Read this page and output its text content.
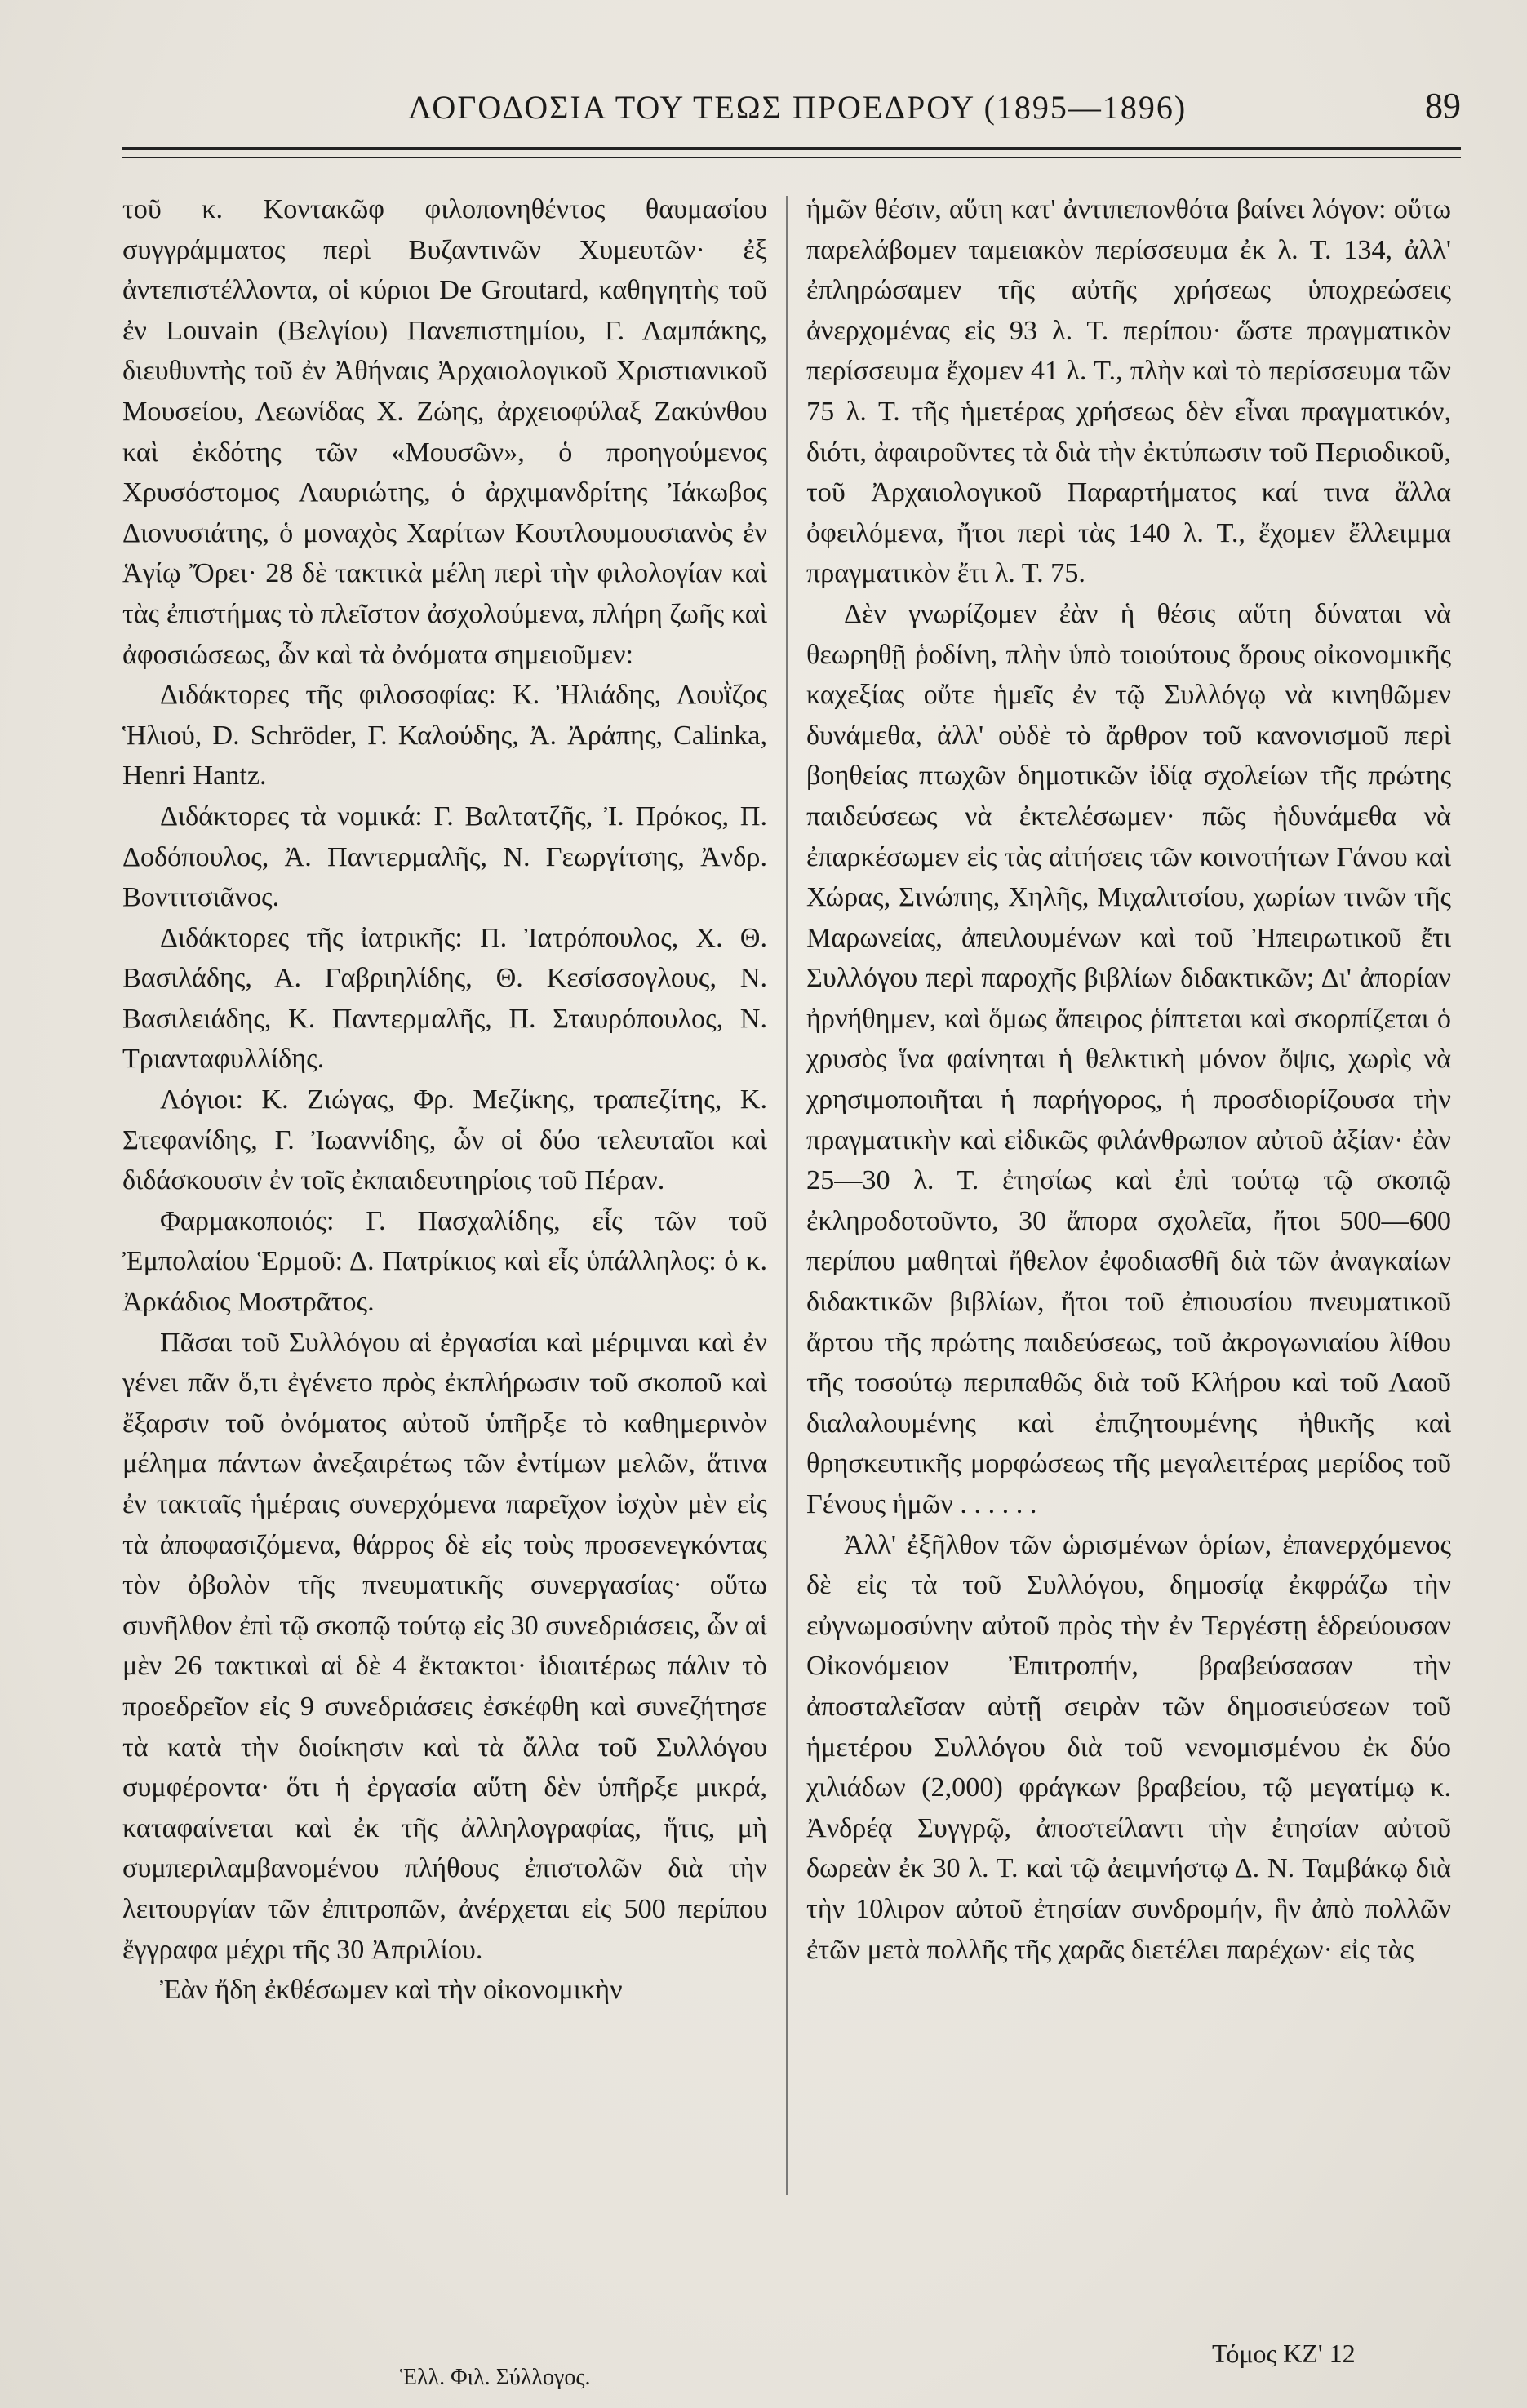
ΛΟΓΟΔΟΣΙΑ ΤΟΥ ΤΕΩΣ ΠΡΟΕΔΡΟΥ (1895—1896)	89

τοῦ κ. Κοντακῶφ φιλοπονηθέντος θαυμασίου συγγράμματος περὶ Βυζαντινῶν Χυμευτῶν· ἐξ ἀντεπιστέλλοντα, οἱ κύριοι De Groutard, καθηγητὴς τοῦ ἐν Louvain (Βελγίου) Πανεπιστημίου, Γ. Λαμπάκης, διευθυντὴς τοῦ ἐν Ἀθήναις Ἀρχαιολογικοῦ Χριστιανικοῦ Μουσείου, Λεωνίδας Χ. Ζώης, ἀρχειοφύλαξ Ζακύνθου καὶ ἐκδότης τῶν «Μουσῶν», ὁ προηγούμενος Χρυσόστομος Λαυριώτης, ὁ ἀρχιμανδρίτης Ἰάκωβος Διονυσιάτης, ὁ μοναχὸς Χαρίτων Κουτλουμουσιανὸς ἐν Ἁγίῳ Ὄρει· 28 δὲ τακτικὰ μέλη περὶ τὴν φιλολογίαν καὶ τὰς ἐπιστήμας τὸ πλεῖστον ἀσχολούμενα, πλήρη ζωῆς καὶ ἀφοσιώσεως, ὧν καὶ τὰ ὀνόματα σημειοῦμεν:

Διδάκτορες τῆς φιλοσοφίας: Κ. Ἠλιάδης, Λουῒζος Ἡλιού, D. Schröder, Γ. Καλούδης, Ἀ. Ἀράπης, Calinka, Henri Hantz.

Διδάκτορες τὰ νομικά: Γ. Βαλτατζῆς, Ἰ. Πρόκος, Π. Δοδόπουλος, Ἀ. Παντερμαλῆς, Ν. Γεωργίτσης, Ἀνδρ. Βοντιτσιᾶνος.

Διδάκτορες τῆς ἰατρικῆς: Π. Ἰατρόπουλος, Χ. Θ. Βασιλάδης, Α. Γαβριηλίδης, Θ. Κεσίσσογλους, Ν. Βασιλειάδης, Κ. Παντερμαλῆς, Π. Σταυρόπουλος, Ν. Τριανταφυλλίδης.

Λόγιοι: Κ. Ζιώγας, Φρ. Μεζίκης, τραπεζίτης, Κ. Στεφανίδης, Γ. Ἰωαννίδης, ὧν οἱ δύο τελευταῖοι καὶ διδάσκουσιν ἐν τοῖς ἐκπαιδευτηρίοις τοῦ Πέραν.

Φαρμακοποιός: Γ. Πασχαλίδης, εἷς τῶν τοῦ Ἐμπολαίου Ἑρμοῦ: Δ. Πατρίκιος καὶ εἷς ὑπάλληλος: ὁ κ. Ἀρκάδιος Μοστρᾶτος.

Πᾶσαι τοῦ Συλλόγου αἱ ἐργασίαι καὶ μέριμναι καὶ ἐν γένει πᾶν ὅ,τι ἐγένετο πρὸς ἐκπλήρωσιν τοῦ σκοποῦ καὶ ἔξαρσιν τοῦ ὀνόματος αὐτοῦ ὑπῆρξε τὸ καθημερινὸν μέλημα πάντων ἀνεξαιρέτως τῶν ἐντίμων μελῶν, ἅτινα ἐν τακταῖς ἡμέραις συνερχόμενα παρεῖχον ἰσχὺν μὲν εἰς τὰ ἀποφασιζόμενα, θάρρος δὲ εἰς τοὺς προσενεγκόντας τὸν ὀβολὸν τῆς πνευματικῆς συνεργασίας· οὕτω συνῆλθον ἐπὶ τῷ σκοπῷ τούτῳ εἰς 30 συνεδριάσεις, ὧν αἱ μὲν 26 τακτικαὶ αἱ δὲ 4 ἔκτακτοι· ἰδιαιτέρως πάλιν τὸ προεδρεῖον εἰς 9 συνεδριάσεις ἐσκέφθη καὶ συνεζήτησε τὰ κατὰ τὴν διοίκησιν καὶ τὰ ἄλλα τοῦ Συλλόγου συμφέροντα· ὅτι ἡ ἐργασία αὕτη δὲν ὑπῆρξε μικρά, καταφαίνεται καὶ ἐκ τῆς ἀλληλογραφίας, ἥτις, μὴ συμπεριλαμβανομένου πλήθους ἐπιστολῶν διὰ τὴν λειτουργίαν τῶν ἐπιτροπῶν, ἀνέρχεται εἰς 500 περίπου ἔγγραφα μέχρι τῆς 30 Ἀπριλίου.

Ἐὰν ἤδη ἐκθέσωμεν καὶ τὴν οἰκονομικὴν

ἡμῶν θέσιν, αὕτη κατ' ἀντιπεπονθότα βαίνει λόγον: οὕτω παρελάβομεν ταμειακὸν περίσσευμα ἐκ λ. Τ. 134, ἀλλ' ἐπληρώσαμεν τῆς αὐτῆς χρήσεως ὑποχρεώσεις ἀνερχομένας εἰς 93 λ. Τ. περίπου· ὥστε πραγματικὸν περίσσευμα ἔχομεν 41 λ. Τ., πλὴν καὶ τὸ περίσσευμα τῶν 75 λ. Τ. τῆς ἡμετέρας χρήσεως δὲν εἶναι πραγματικόν, διότι, ἀφαιροῦντες τὰ διὰ τὴν ἐκτύπωσιν τοῦ Περιοδικοῦ, τοῦ Ἀρχαιολογικοῦ Παραρτήματος καί τινα ἄλλα ὀφειλόμενα, ἤτοι περὶ τὰς 140 λ. Τ., ἔχομεν ἔλλειμμα πραγματικὸν ἔτι λ. Τ. 75.

Δὲν γνωρίζομεν ἐὰν ἡ θέσις αὕτη δύναται νὰ θεωρηθῇ ῥοδίνη, πλὴν ὑπὸ τοιούτους ὅρους οἰκονομικῆς καχεξίας οὔτε ἡμεῖς ἐν τῷ Συλλόγῳ νὰ κινηθῶμεν δυνάμεθα, ἀλλ' οὐδὲ τὸ ἄρθρον τοῦ κανονισμοῦ περὶ βοηθείας πτωχῶν δημοτικῶν ἰδίᾳ σχολείων τῆς πρώτης παιδεύσεως νὰ ἐκτελέσωμεν· πῶς ἠδυνάμεθα νὰ ἐπαρκέσωμεν εἰς τὰς αἰτήσεις τῶν κοινοτήτων Γάνου καὶ Χώρας, Σινώπης, Χηλῆς, Μιχαλιτσίου, χωρίων τινῶν τῆς Μαρωνείας, ἀπειλουμένων καὶ τοῦ Ἠπειρωτικοῦ ἔτι Συλλόγου περὶ παροχῆς βιβλίων διδακτικῶν; Δι' ἀπορίαν ἠρνήθημεν, καὶ ὅμως ἄπειρος ῥίπτεται καὶ σκορπίζεται ὁ χρυσὸς ἵνα φαίνηται ἡ θελκτικὴ μόνον ὄψις, χωρὶς νὰ χρησιμοποιῆται ἡ παρήγορος, ἡ προσδιορίζουσα τὴν πραγματικὴν καὶ εἰδικῶς φιλάνθρωπον αὐτοῦ ἀξίαν· ἐὰν 25—30 λ. Τ. ἐτησίως καὶ ἐπὶ τούτῳ τῷ σκοπῷ ἐκληροδοτοῦντο, 30 ἄπορα σχολεῖα, ἤτοι 500—600 περίπου μαθηταὶ ἤθελον ἐφοδιασθῆ διὰ τῶν ἀναγκαίων διδακτικῶν βιβλίων, ἤτοι τοῦ ἐπιουσίου πνευματικοῦ ἄρτου τῆς πρώτης παιδεύσεως, τοῦ ἀκρογωνιαίου λίθου τῆς τοσούτῳ περιπαθῶς διὰ τοῦ Κλήρου καὶ τοῦ Λαοῦ διαλαλουμένης καὶ ἐπιζητουμένης ἠθικῆς καὶ θρησκευτικῆς μορφώσεως τῆς μεγαλειτέρας μερίδος τοῦ Γένους ἡμῶν . . . . . .

Ἀλλ' ἐξῆλθον τῶν ὡρισμένων ὁρίων, ἐπανερχόμενος δὲ εἰς τὰ τοῦ Συλλόγου, δημοσίᾳ ἐκφράζω τὴν εὐγνωμοσύνην αὐτοῦ πρὸς τὴν ἐν Τεργέστῃ ἑδρεύουσαν Οἰκονόμειον Ἐπιτροπήν, βραβεύσασαν τὴν ἀποσταλεῖσαν αὐτῇ σειρὰν τῶν δημοσιεύσεων τοῦ ἡμετέρου Συλλόγου διὰ τοῦ νενομισμένου ἐκ δύο χιλιάδων (2,000) φράγκων βραβείου, τῷ μεγατίμῳ κ. Ἀνδρέᾳ Συγγρῷ, ἀποστείλαντι τὴν ἐτησίαν αὐτοῦ δωρεὰν ἐκ 30 λ. Τ. καὶ τῷ ἀειμνήστῳ Δ. Ν. Ταμβάκῳ διὰ τὴν 10λιρον αὐτοῦ ἐτησίαν συνδρομήν, ἣν ἀπὸ πολλῶν ἐτῶν μετὰ πολλῆς τῆς χαρᾶς διετέλει παρέχων· εἰς τὰς

Ἑλλ. Φιλ. Σύλλογος.
Τόμος ΚΖ' 12
